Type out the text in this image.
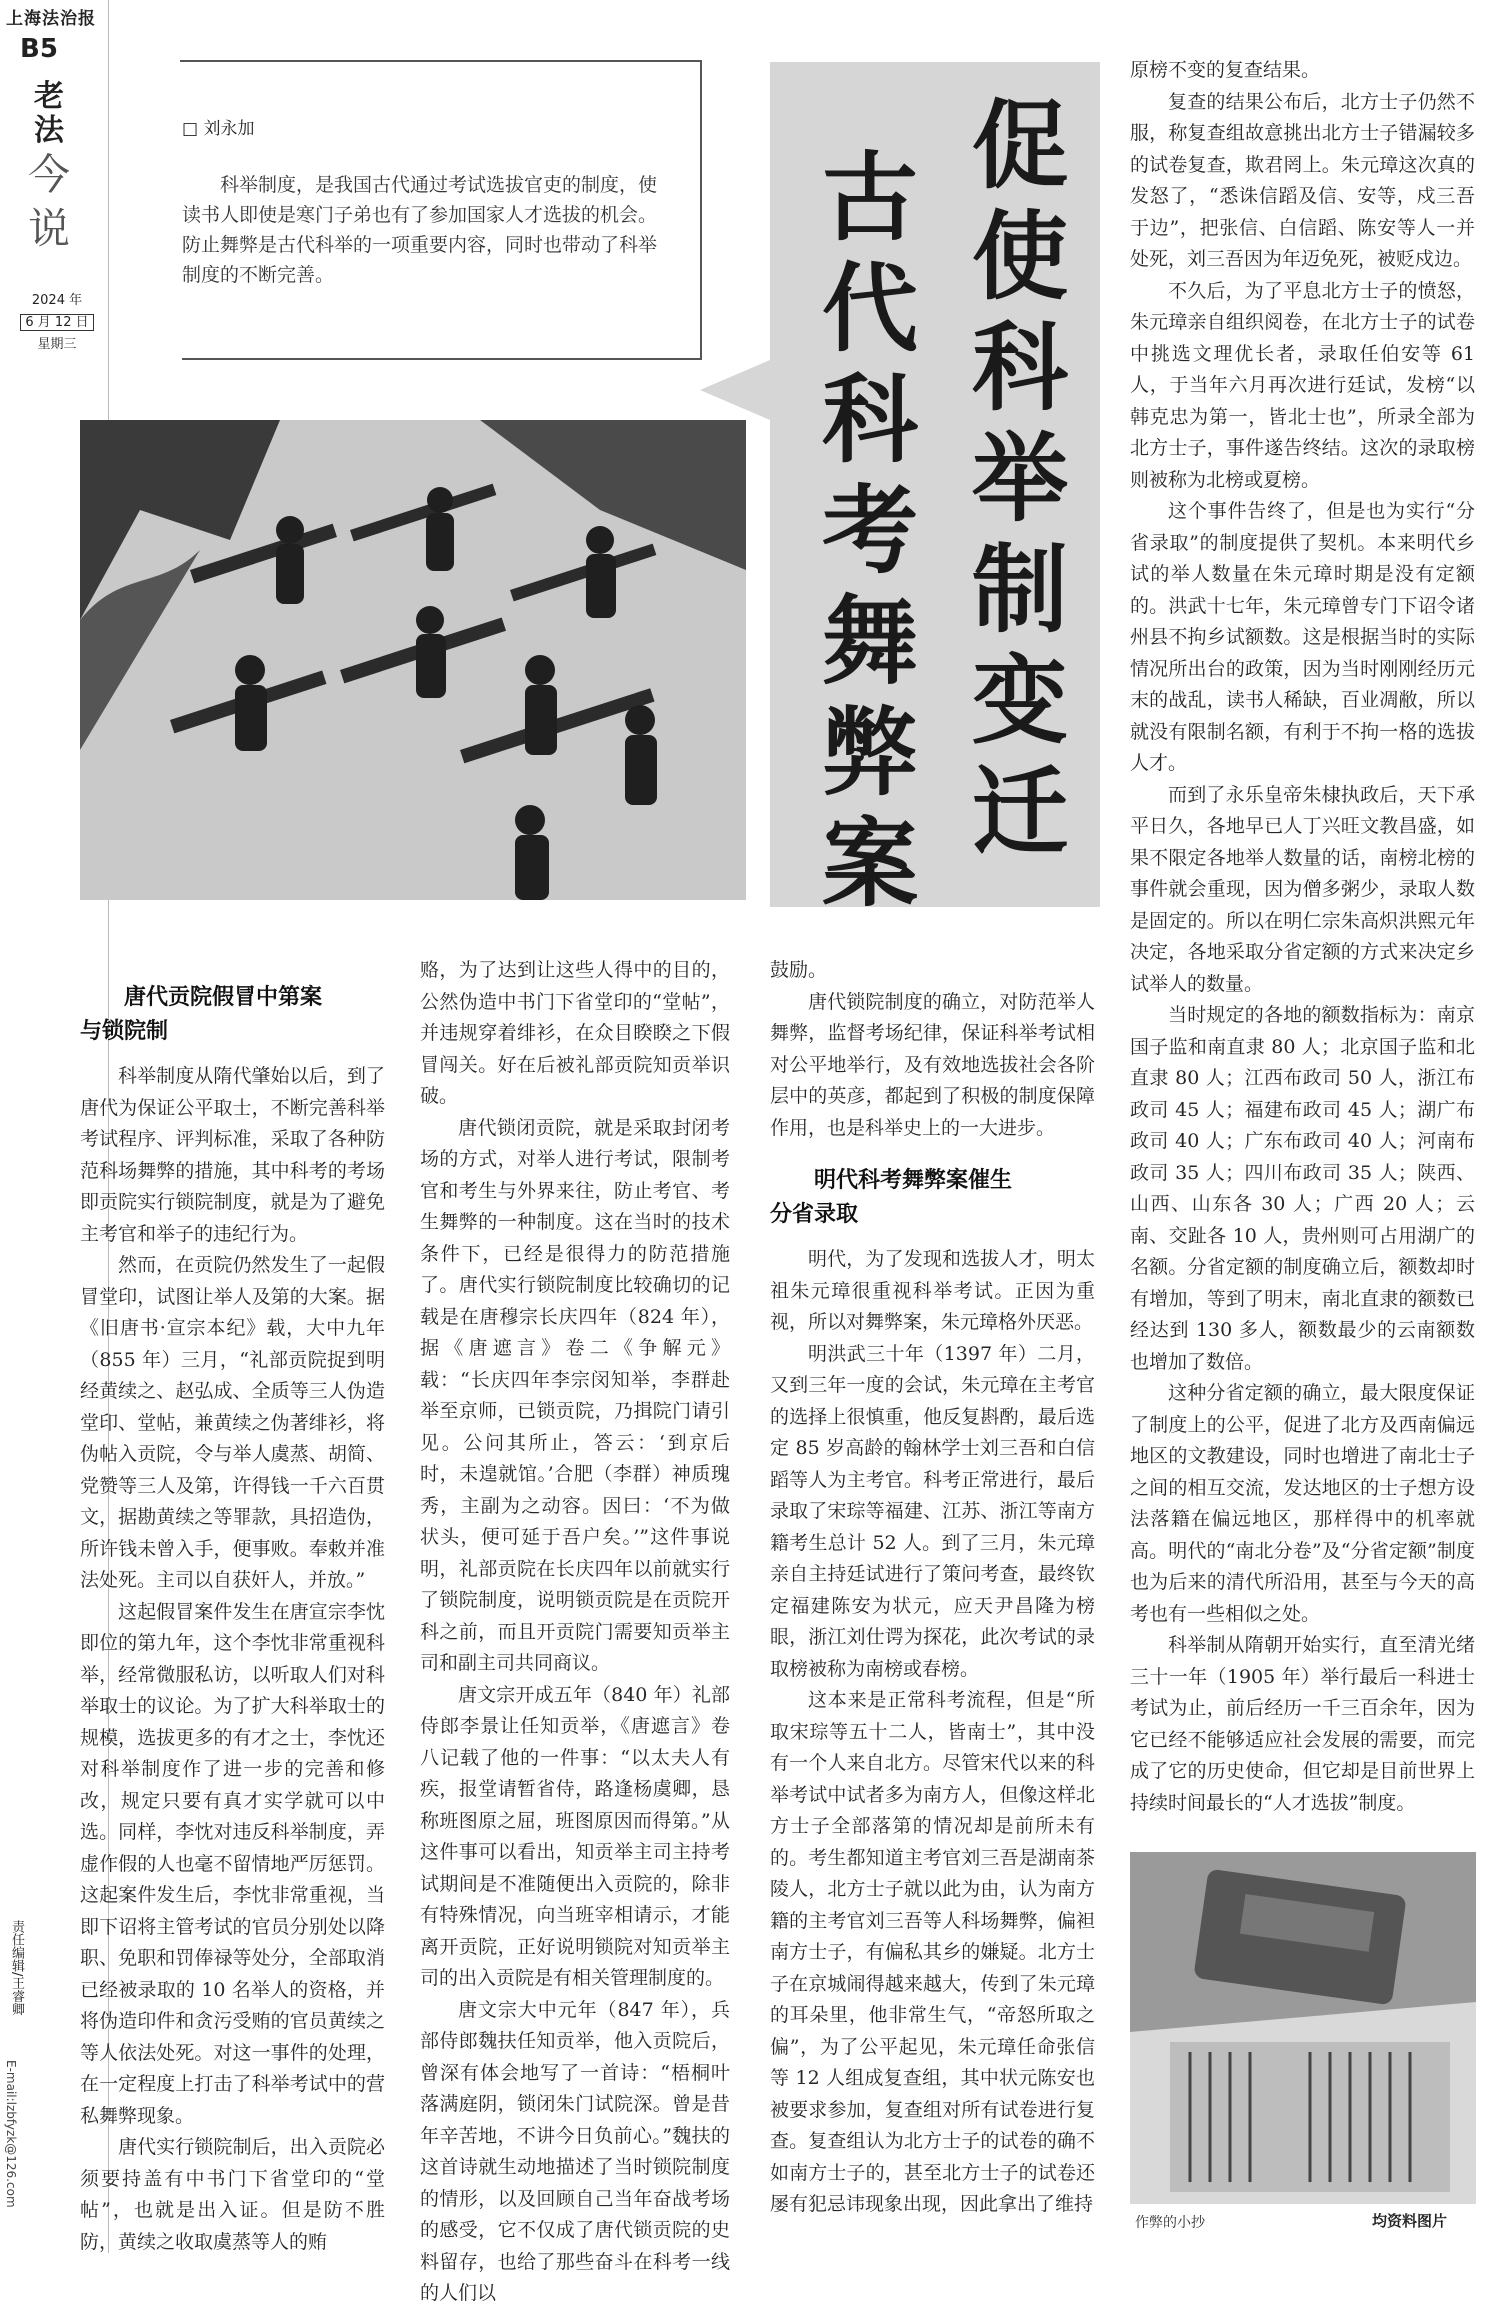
上海法治报
B5
老
法
今
说
2024 年
6 月 12 日
星期三
责任编辑/王睿卿
E-mail:lzbfyzk@126.com
□ 刘永加
科举制度，是我国古代通过考试选拔官吏的制度，使读书人即使是寒门子弟也有了参加国家人才选拔的机会。防止舞弊是古代科举的一项重要内容，同时也带动了科举制度的不断完善。
促
使
科
举
制
变
迁
古
代
科
考
舞
弊
案
唐代贡院假冒中第案
与锁院制

科举制度从隋代肇始以后，到了唐代为保证公平取士，不断完善科举考试程序、评判标准，采取了各种防范科场舞弊的措施，其中科考的考场即贡院实行锁院制度，就是为了避免主考官和举子的违纪行为。

然而，在贡院仍然发生了一起假冒堂印，试图让举人及第的大案。据《旧唐书·宣宗本纪》载，大中九年（855 年）三月，“礼部贡院捉到明经黄续之、赵弘成、全质等三人伪造堂印、堂帖，兼黄续之伪著绯衫，将伪帖入贡院，令与举人虞蒸、胡简、党赞等三人及第，许得钱一千六百贯文，据勘黄续之等罪款，具招造伪，所许钱未曾入手，便事败。奉敕并准法处死。主司以自获奸人，并放。”

这起假冒案件发生在唐宣宗李忱即位的第九年，这个李忱非常重视科举，经常微服私访，以听取人们对科举取士的议论。为了扩大科举取士的规模，选拔更多的有才之士，李忱还对科举制度作了进一步的完善和修改，规定只要有真才实学就可以中选。同样，李忱对违反科举制度，弄虚作假的人也毫不留情地严厉惩罚。这起案件发生后，李忱非常重视，当即下诏将主管考试的官员分别处以降职、免职和罚俸禄等处分，全部取消已经被录取的 10 名举人的资格，并将伪造印件和贪污受贿的官员黄续之等人依法处死。对这一事件的处理，在一定程度上打击了科举考试中的营私舞弊现象。

唐代实行锁院制后，出入贡院必须要持盖有中书门下省堂印的“堂帖”，也就是出入证。但是防不胜防，黄续之收取虞蒸等人的贿

赂，为了达到让这些人得中的目的，公然伪造中书门下省堂印的“堂帖”，并违规穿着绯衫，在众目睽睽之下假冒闯关。好在后被礼部贡院知贡举识破。

唐代锁闭贡院，就是采取封闭考场的方式，对举人进行考试，限制考官和考生与外界来往，防止考官、考生舞弊的一种制度。这在当时的技术条件下，已经是很得力的防范措施了。唐代实行锁院制度比较确切的记载是在唐穆宗长庆四年（824 年），据《唐遮言》卷二《争解元》载：“长庆四年李宗闵知举，李群赴举至京师，已锁贡院，乃揖院门请引见。公问其所止，答云：‘到京后时，未遑就馆。’合肥（李群）神质瑰秀，主副为之动容。因曰：‘不为做状头，便可延于吾户矣。’”这件事说明，礼部贡院在长庆四年以前就实行了锁院制度，说明锁贡院是在贡院开科之前，而且开贡院门需要知贡举主司和副主司共同商议。

唐文宗开成五年（840 年）礼部侍郎李景让任知贡举，《唐遮言》卷八记载了他的一件事：“以太夫人有疾，报堂请暂省侍，路逢杨虞卿，恳称班图原之屈，班图原因而得第。”从这件事可以看出，知贡举主司主持考试期间是不准随便出入贡院的，除非有特殊情况，向当班宰相请示，才能离开贡院，正好说明锁院对知贡举主司的出入贡院是有相关管理制度的。

唐文宗大中元年（847 年），兵部侍郎魏扶任知贡举，他入贡院后，曾深有体会地写了一首诗：“梧桐叶落满庭阴，锁闭朱门试院深。曾是昔年辛苦地，不讲今日负前心。”魏扶的这首诗就生动地描述了当时锁院制度的情形，以及回顾自己当年奋战考场的感受，它不仅成了唐代锁贡院的史料留存，也给了那些奋斗在科考一线的人们以

鼓励。

唐代锁院制度的确立，对防范举人舞弊，监督考场纪律，保证科举考试相对公平地举行，及有效地选拔社会各阶层中的英彦，都起到了积极的制度保障作用，也是科举史上的一大进步。

明代科考舞弊案催生
分省录取

明代，为了发现和选拔人才，明太祖朱元璋很重视科举考试。正因为重视，所以对舞弊案，朱元璋格外厌恶。

明洪武三十年（1397 年）二月，又到三年一度的会试，朱元璋在主考官的选择上很慎重，他反复斟酌，最后选定 85 岁高龄的翰林学士刘三吾和白信蹈等人为主考官。科考正常进行，最后录取了宋琮等福建、江苏、浙江等南方籍考生总计 52 人。到了三月，朱元璋亲自主持廷试进行了策问考查，最终钦定福建陈安为状元，应天尹昌隆为榜眼，浙江刘仕谔为探花，此次考试的录取榜被称为南榜或春榜。

这本来是正常科考流程，但是“所取宋琮等五十二人，皆南士”，其中没有一个人来自北方。尽管宋代以来的科举考试中试者多为南方人，但像这样北方士子全部落第的情况却是前所未有的。考生都知道主考官刘三吾是湖南茶陵人，北方士子就以此为由，认为南方籍的主考官刘三吾等人科场舞弊，偏袒南方士子，有偏私其乡的嫌疑。北方士子在京城闹得越来越大，传到了朱元璋的耳朵里，他非常生气，“帝怒所取之偏”，为了公平起见，朱元璋任命张信等 12 人组成复查组，其中状元陈安也被要求参加，复查组对所有试卷进行复查。复查组认为北方士子的试卷的确不如南方士子的，甚至北方士子的试卷还屡有犯忌讳现象出现，因此拿出了维持

原榜不变的复查结果。

复查的结果公布后，北方士子仍然不服，称复查组故意挑出北方士子错漏较多的试卷复查，欺君罔上。朱元璋这次真的发怒了，“悉诛信蹈及信、安等，戍三吾于边”，把张信、白信蹈、陈安等人一并处死，刘三吾因为年迈免死，被贬戍边。

不久后，为了平息北方士子的愤怒，朱元璋亲自组织阅卷，在北方士子的试卷中挑选文理优长者，录取任伯安等 61 人，于当年六月再次进行廷试，发榜“以韩克忠为第一，皆北士也”，所录全部为北方士子，事件遂告终结。这次的录取榜则被称为北榜或夏榜。

这个事件告终了，但是也为实行“分省录取”的制度提供了契机。本来明代乡试的举人数量在朱元璋时期是没有定额的。洪武十七年，朱元璋曾专门下诏令诸州县不拘乡试额数。这是根据当时的实际情况所出台的政策，因为当时刚刚经历元末的战乱，读书人稀缺，百业凋敝，所以就没有限制名额，有利于不拘一格的选拔人才。

而到了永乐皇帝朱棣执政后，天下承平日久，各地早已人丁兴旺文教昌盛，如果不限定各地举人数量的话，南榜北榜的事件就会重现，因为僧多粥少，录取人数是固定的。所以在明仁宗朱高炽洪熙元年决定，各地采取分省定额的方式来决定乡试举人的数量。

当时规定的各地的额数指标为：南京国子监和南直隶 80 人；北京国子监和北直隶 80 人；江西布政司 50 人，浙江布政司 45 人；福建布政司 45 人；湖广布政司 40 人；广东布政司 40 人；河南布政司 35 人；四川布政司 35 人；陕西、山西、山东各 30 人；广西 20 人；云南、交趾各 10 人，贵州则可占用湖广的名额。分省定额的制度确立后，额数却时有增加，等到了明末，南北直隶的额数已经达到 130 多人，额数最少的云南额数也增加了数倍。

这种分省定额的确立，最大限度保证了制度上的公平，促进了北方及西南偏远地区的文教建设，同时也增进了南北士子之间的相互交流，发达地区的士子想方设法落籍在偏远地区，那样得中的机率就高。明代的“南北分卷”及“分省定额”制度也为后来的清代所沿用，甚至与今天的高考也有一些相似之处。

科举制从隋朝开始实行，直至清光绪三十一年（1905 年）举行最后一科进士考试为止，前后经历一千三百余年，因为它已经不能够适应社会发展的需要，而完成了它的历史使命，但它却是目前世界上持续时间最长的“人才选拔”制度。

作弊的小抄	均资料图片
